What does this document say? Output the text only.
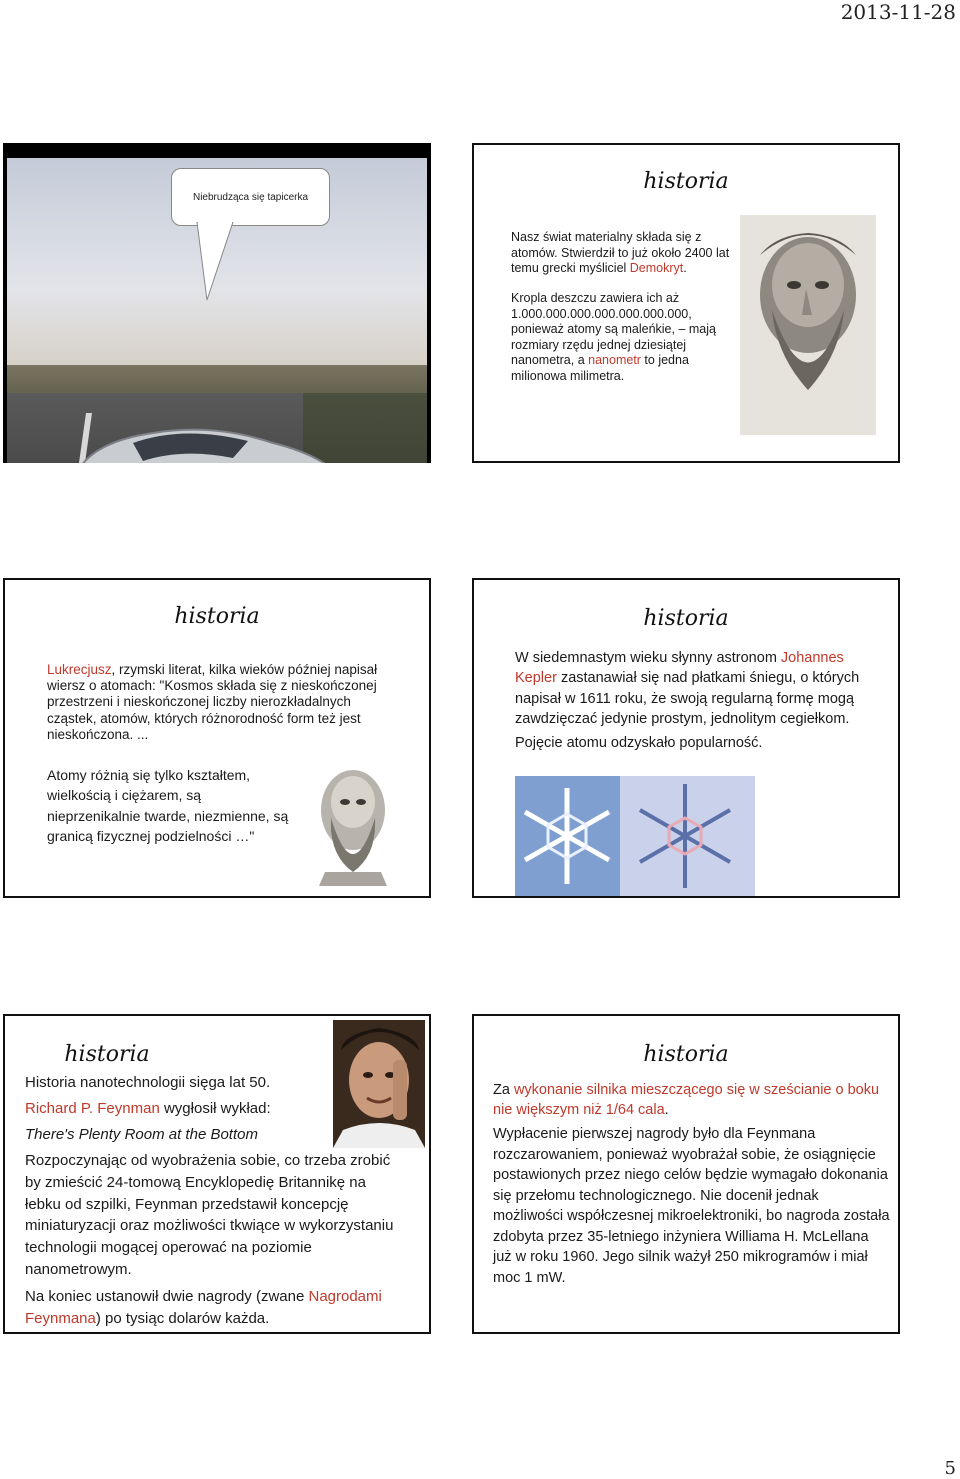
2013-11-28
Niebrudząca się tapicerka
historia
Nasz świat materialny składa się z atomów. Stwierdził to już około 2400 lat temu grecki myśliciel Demokryt.
Kropla deszczu zawiera ich aż 1.000.000.000.000.000.000.000, ponieważ atomy są maleńkie, – mają rozmiary rzędu jednej dziesiątej nanometra, a nanometr to jedna milionowa milimetra.
historia
Lukrecjusz, rzymski literat, kilka wieków później napisał wiersz o atomach: "Kosmos składa się z nieskończonej przestrzeni i nieskończonej liczby nierozkładalnych cząstek, atomów, których różnorodność form też jest nieskończona. ...
Atomy różnią się tylko kształtem, wielkością i ciężarem, są nieprzenikalnie twarde, niezmienne, są granicą fizycznej podzielności …"
historia
W siedemnastym wieku słynny astronom Johannes Kepler zastanawiał się nad płatkami śniegu, o których napisał w 1611 roku, że swoją regularną formę mogą zawdzięczać jedynie prostym, jednolitym cegiełkom.
Pojęcie atomu odzyskało popularność.
historia
Historia nanotechnologii sięga lat 50.
Richard P. Feynman wygłosił wykład:
There's Plenty Room at the Bottom
Rozpoczynając od wyobrażenia sobie, co trzeba zrobić by zmieścić 24-tomową Encyklopedię Britannikę na łebku od szpilki, Feynman przedstawił koncepcję miniaturyzacji oraz możliwości tkwiące w wykorzystaniu technologii mogącej operować na poziomie nanometrowym.
Na koniec ustanowił dwie nagrody (zwane Nagrodami Feynmana) po tysiąc dolarów każda.
historia
Za wykonanie silnika mieszczącego się w sześcianie o boku nie większym niż 1/64 cala.
Wypłacenie pierwszej nagrody było dla Feynmana rozczarowaniem, ponieważ wyobrażał sobie, że osiągnięcie postawionych przez niego celów będzie wymagało dokonania się przełomu technologicznego. Nie docenił jednak możliwości współczesnej mikroelektroniki, bo nagroda została zdobyta przez 35-letniego inżyniera Williama H. McLellana już w roku 1960. Jego silnik ważył 250 mikrogramów i miał moc 1 mW.
5
